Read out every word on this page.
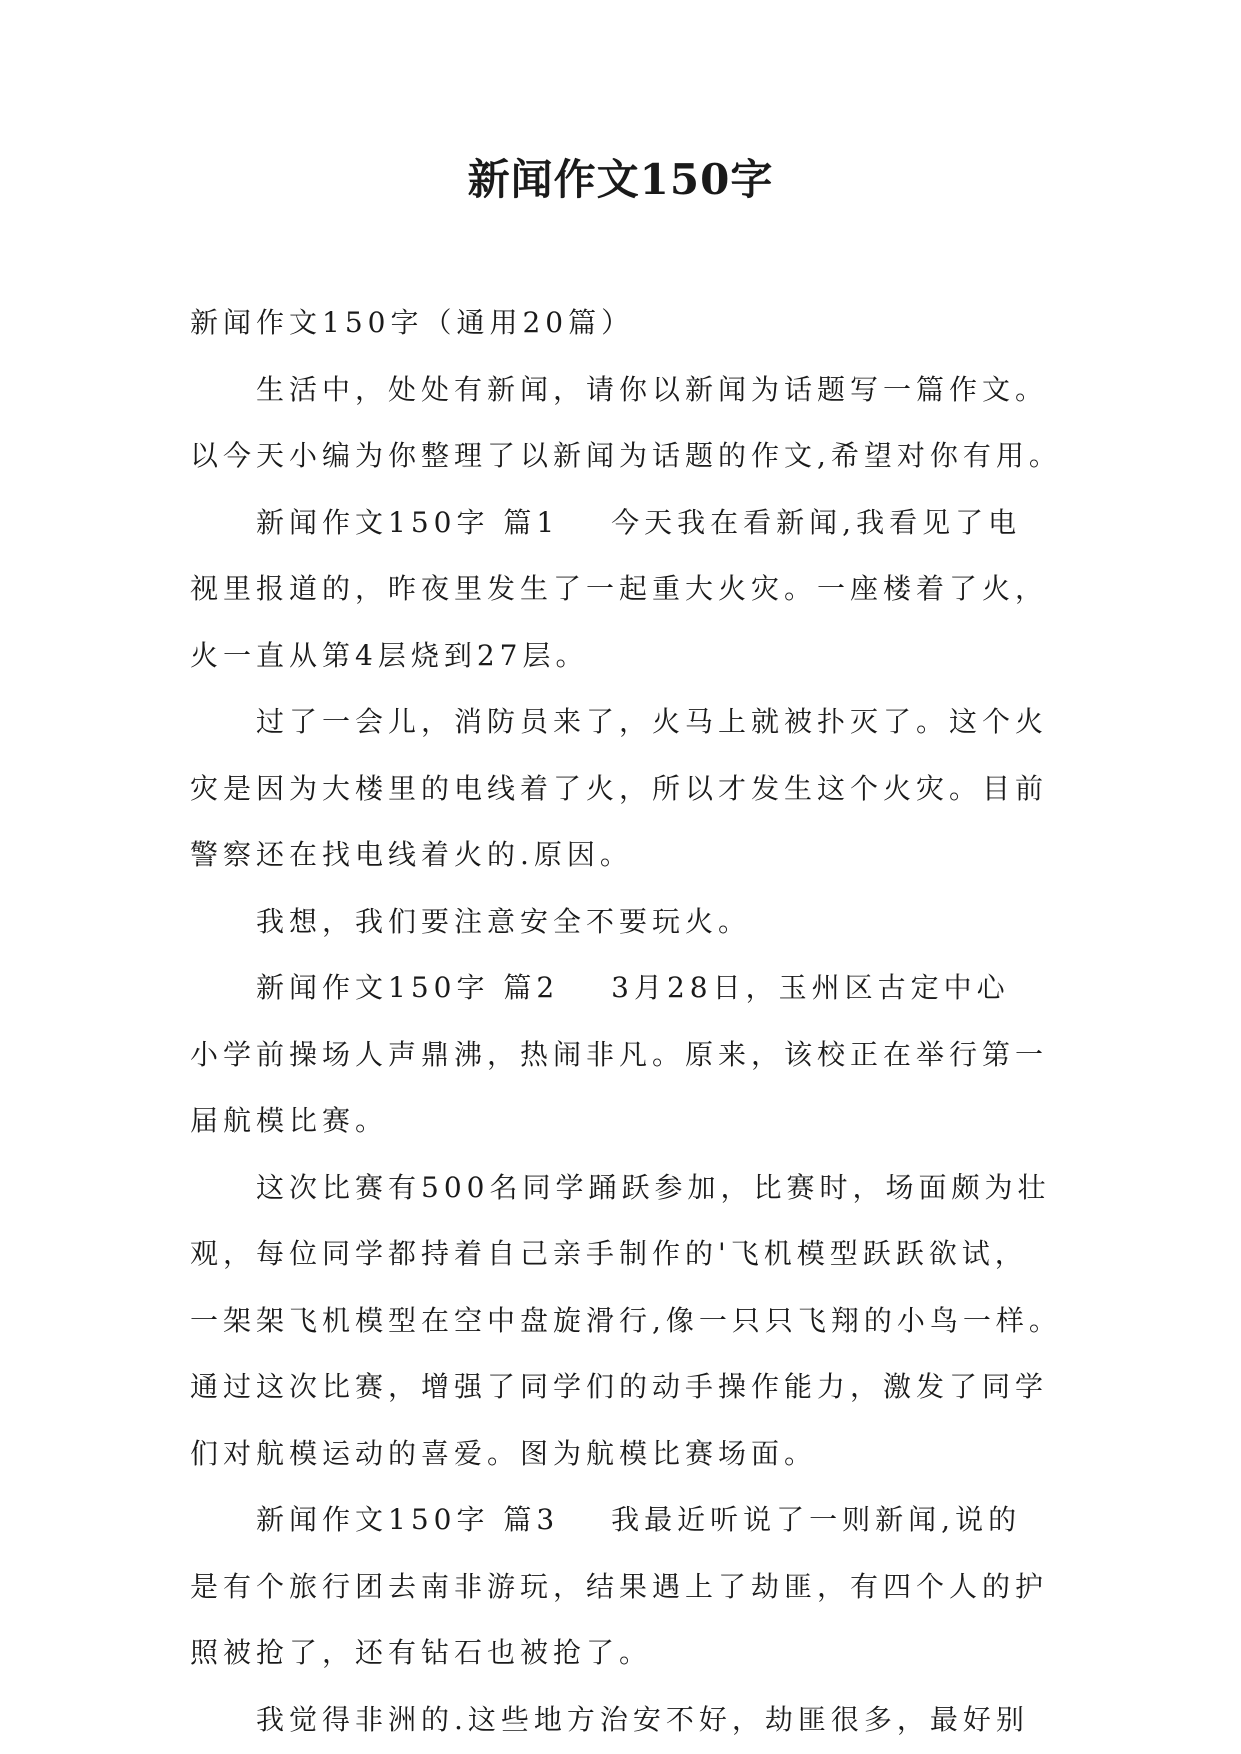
新闻作文150字
新闻作文150字（通用20篇）
生活中，处处有新闻，请你以新闻为话题写一篇作文。
以今天小编为你整理了以新闻为话题的作文,希望对你有用。
新闻作文150字 篇1 今天我在看新闻,我看见了电
视里报道的，昨夜里发生了一起重大火灾。一座楼着了火，
火一直从第4层烧到27层。
过了一会儿，消防员来了，火马上就被扑灭了。这个火
灾是因为大楼里的电线着了火，所以才发生这个火灾。目前
警察还在找电线着火的.原因。
我想，我们要注意安全不要玩火。
新闻作文150字 篇2 3月28日，玉州区古定中心
小学前操场人声鼎沸，热闹非凡。原来，该校正在举行第一
届航模比赛。
这次比赛有500名同学踊跃参加，比赛时，场面颇为壮
观，每位同学都持着自己亲手制作的'飞机模型跃跃欲试，
一架架飞机模型在空中盘旋滑行,像一只只飞翔的小鸟一样。
通过这次比赛，增强了同学们的动手操作能力，激发了同学
们对航模运动的喜爱。图为航模比赛场面。
新闻作文150字 篇3 我最近听说了一则新闻,说的
是有个旅行团去南非游玩，结果遇上了劫匪，有四个人的护
照被抢了，还有钻石也被抢了。
我觉得非洲的.这些地方治安不好，劫匪很多，最好别
